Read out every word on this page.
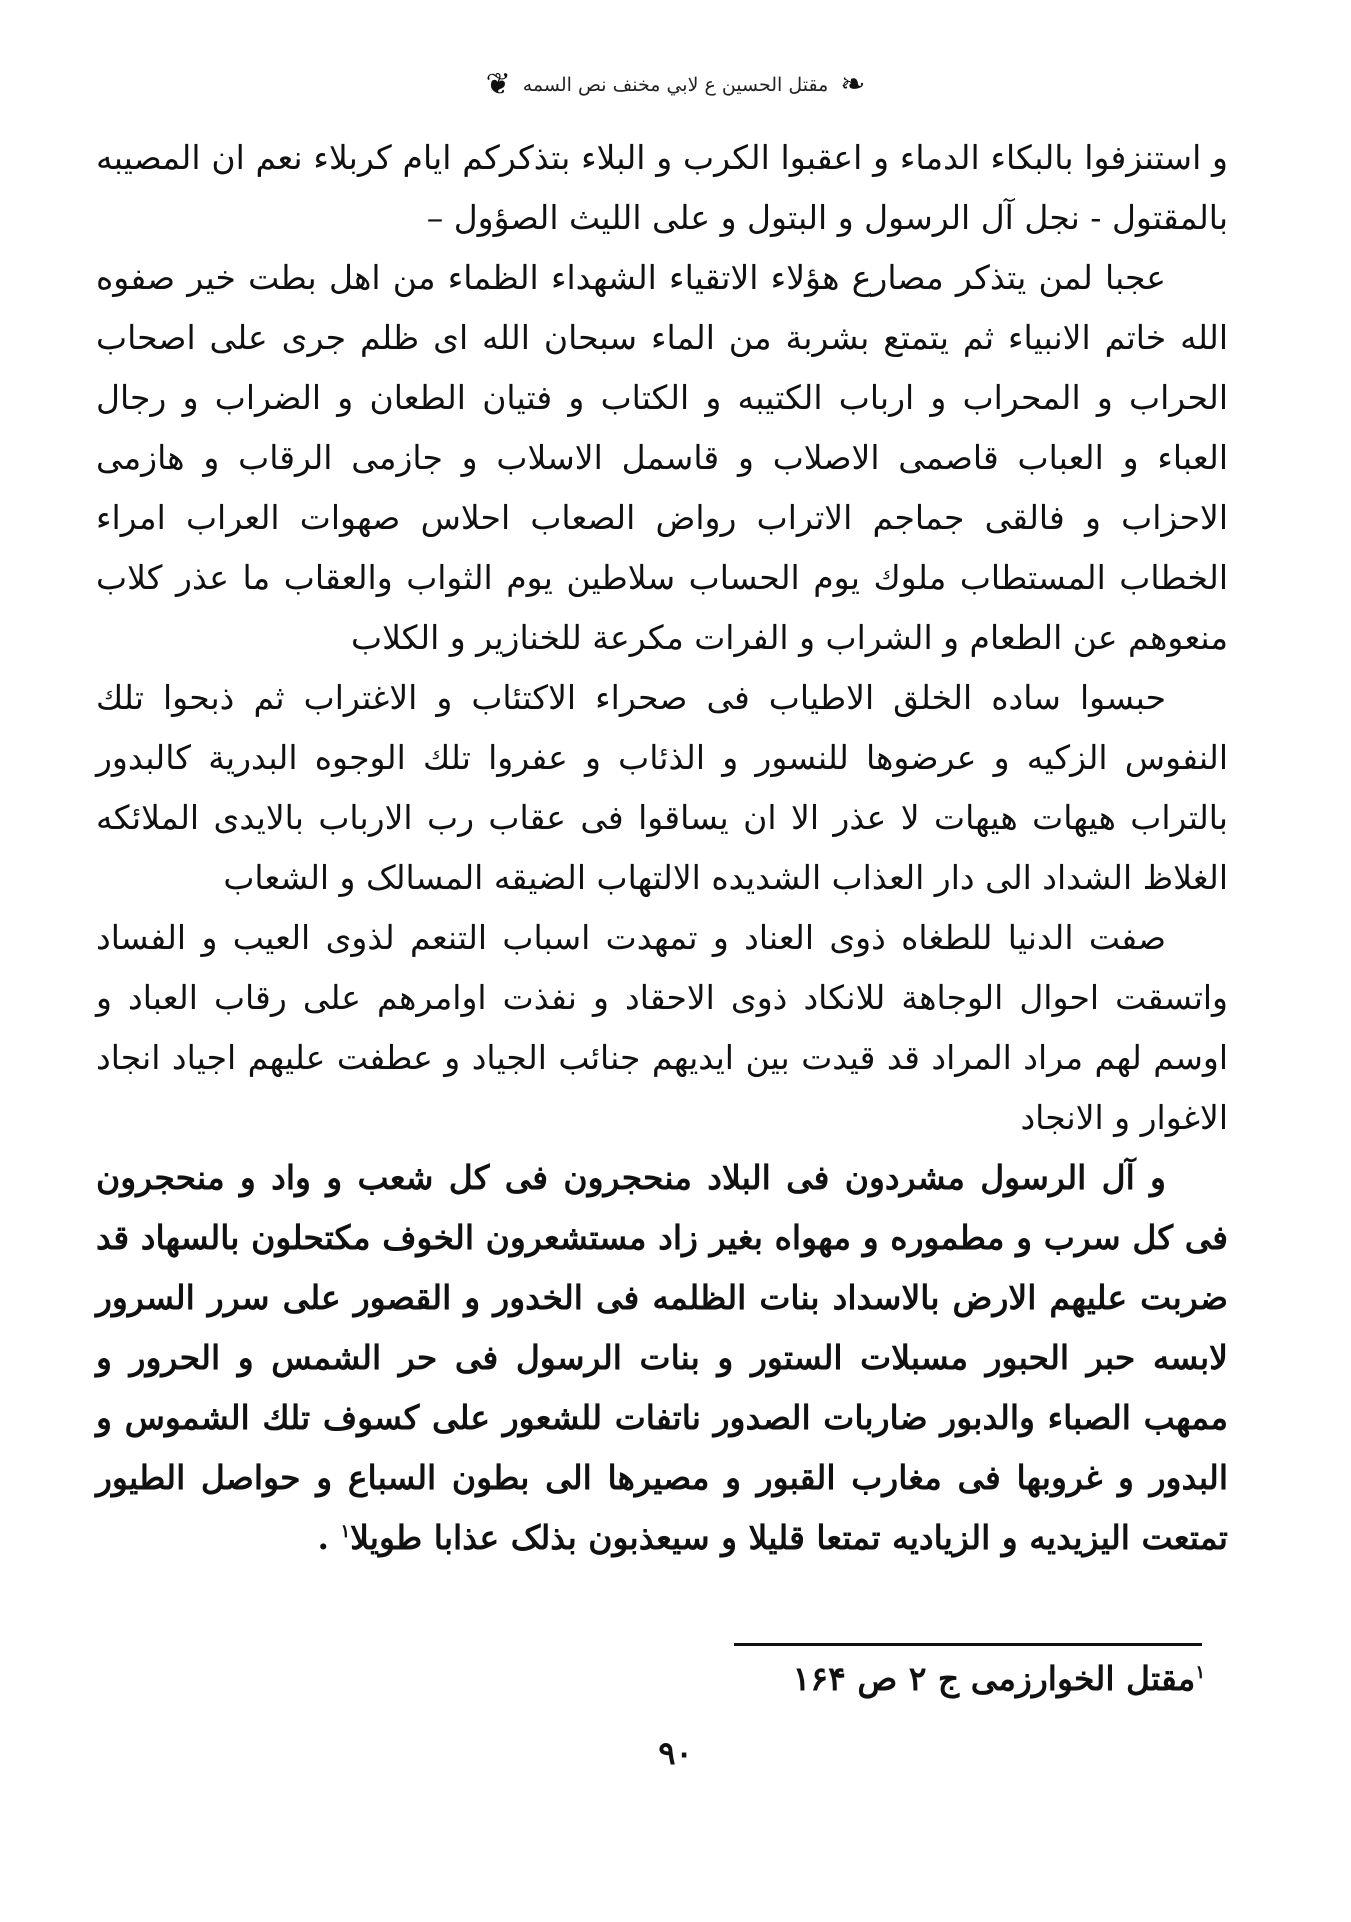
❧
مقتل الحسين ع لابي مخنف نص السمه
❦

و استنزفوا بالبكاء الدماء و اعقبوا الكرب و البلاء بتذكركم ايام كربلاء نعم ان المصيبه بالمقتول - نجل آل الرسول و البتول و على الليث الصؤول –

عجبا لمن يتذكر مصارع هؤلاء الاتقياء الشهداء الظماء من اهل بطت خير صفوه الله خاتم الانبياء ثم يتمتع بشربة من الماء سبحان الله اى ظلم جرى على اصحاب الحراب و المحراب و ارباب الكتيبه و الكتاب و فتيان الطعان و الضراب و رجال العباء و العباب قاصمى الاصلاب و قاسمل الاسلاب و جازمى الرقاب و هازمى الاحزاب و فالقى جماجم الاتراب رواض الصعاب احلاس صهوات العراب امراء الخطاب المستطاب ملوك يوم الحساب سلاطين يوم الثواب والعقاب ما عذر كلاب منعوهم عن الطعام و الشراب و الفرات مكرعة للخنازير و الكلاب

حبسوا ساده الخلق الاطياب فى صحراء الاكتئاب و الاغتراب ثم ذبحوا تلك النفوس الزكيه و عرضوها للنسور و الذئاب و عفروا تلك الوجوه البدرية كالبدور بالتراب هيهات هيهات لا عذر الا ان يساقوا فى عقاب رب الارباب بالايدى الملائكه الغلاظ الشداد الى دار العذاب الشديده الالتهاب الضيقه المسالک و الشعاب

صفت الدنيا للطغاه ذوى العناد و تمهدت اسباب التنعم لذوى العيب و الفساد واتسقت احوال الوجاهة للانكاد ذوى الاحقاد و نفذت اوامرهم على رقاب العباد و اوسم لهم مراد المراد قد قيدت بين ايديهم جنائب الجياد و عطفت عليهم اجياد انجاد الاغوار و الانجاد

و آل الرسول مشردون فى البلاد منحجرون فى كل شعب و واد و منحجرون فى كل سرب و مطموره و مهواه بغير زاد مستشعرون الخوف مكتحلون بالسهاد قد ضربت عليهم الارض بالاسداد بنات الظلمه فى الخدور و القصور على سرر السرور لابسه حبر الحبور مسبلات الستور و بنات الرسول فى حر الشمس و الحرور و ممهب الصباء والدبور ضاربات الصدور ناتفات للشعور على كسوف تلك الشموس و البدور و غروبها فى مغارب القبور و مصيرها الى بطون السباع و حواصل الطيور تمتعت اليزيديه و الزياديه تمتعا قليلا و سيعذبون بذلک عذابا طويلا$^١$ .

$^١$مقتل الخوارزمى ج ٢ ص ١۶۴
٩٠
